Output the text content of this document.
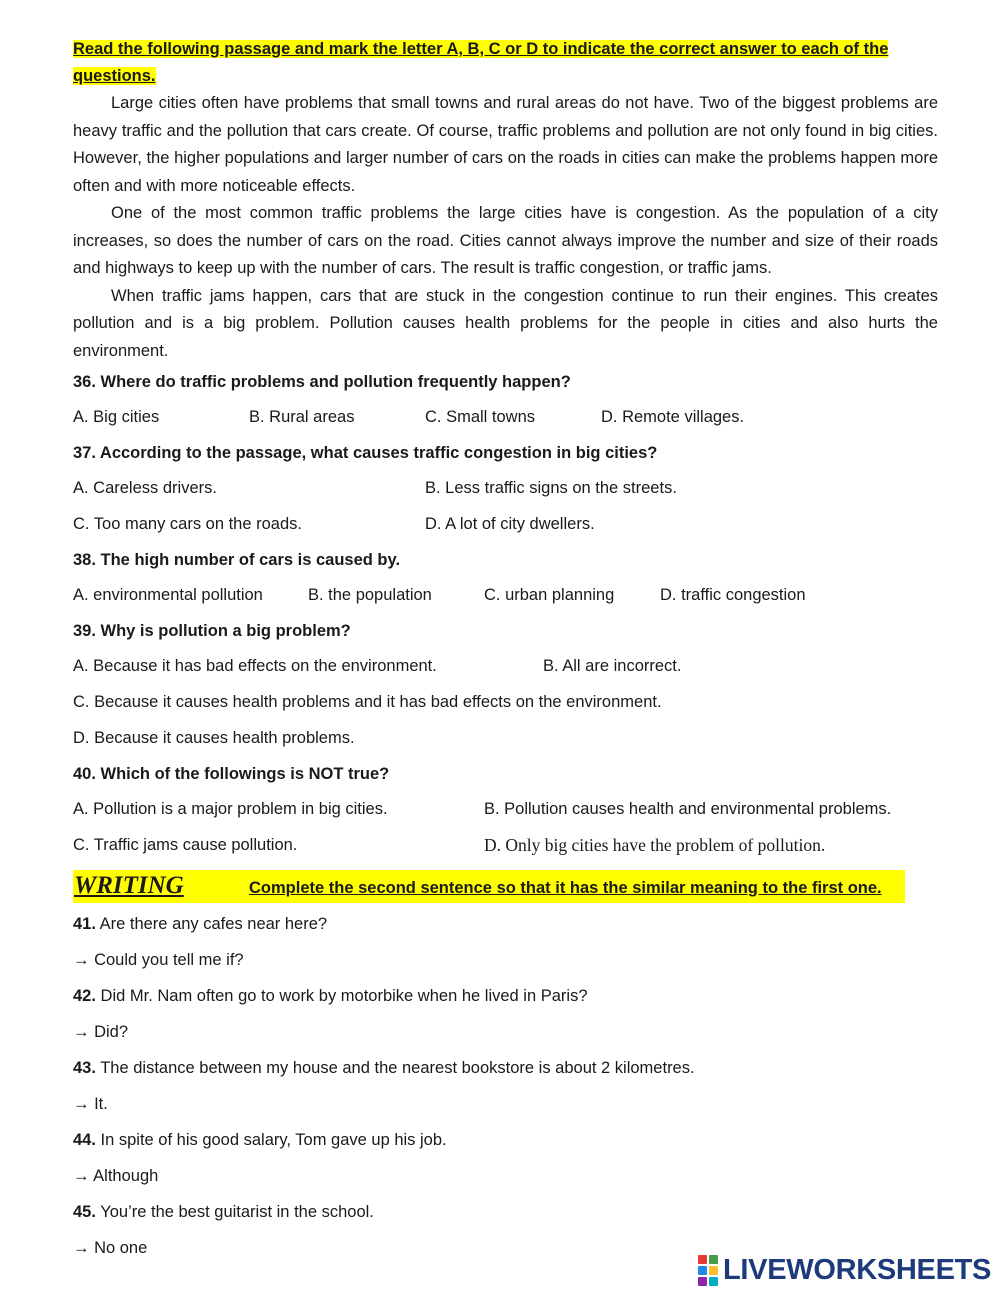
Read the following passage and mark the letter A, B, C or D to indicate the correct answer to each of the questions.

Large cities often have problems that small towns and rural areas do not have. Two of the biggest problems are heavy traffic and the pollution that cars create. Of course, traffic problems and pollution are not only found in big cities. However, the higher populations and larger number of cars on the roads in cities can make the problems happen more often and with more noticeable effects.

One of the most common traffic problems the large cities have is congestion. As the population of a city increases, so does the number of cars on the road. Cities cannot always improve the number and size of their roads and highways to keep up with the number of cars. The result is traffic congestion, or traffic jams.

When traffic jams happen, cars that are stuck in the congestion continue to run their engines. This creates pollution and is a big problem. Pollution causes health problems for the people in cities and also hurts the environment.

36. Where do traffic problems and pollution frequently happen?

A. Big cities	B. Rural areas	C. Small towns	D. Remote villages.

37. According to the passage, what causes traffic congestion in big cities?

A. Careless drivers.	B. Less traffic signs on the streets.
C. Too many cars on the roads.	D. A lot of city dwellers.

38. The high number of cars is caused by.

A. environmental pollution	B. the population	C. urban planning	D. traffic congestion

39. Why is pollution a big problem?

A. Because it has bad effects on the environment.	B. All are incorrect.
C. Because it causes health problems and it has bad effects on the environment.
D. Because it causes health problems.

40. Which of the followings is NOT true?

A. Pollution is a major problem in big cities.	B. Pollution causes health and environmental problems.
C. Traffic jams cause pollution.	D. Only big cities have the problem of pollution.
WRITING	Complete the second sentence so that it has the similar meaning to the first one.

41. Are there any cafes near here?

→ Could you tell me if?

42. Did Mr. Nam often go to work by motorbike when he lived in Paris?

→ Did?

43. The distance between my house and the nearest bookstore is about 2 kilometres.

→ It.

44. In spite of his good salary, Tom gave up his job.

→ Although

45. You’re the best guitarist in the school.

→ No one

LIVEWORKSHEETS
